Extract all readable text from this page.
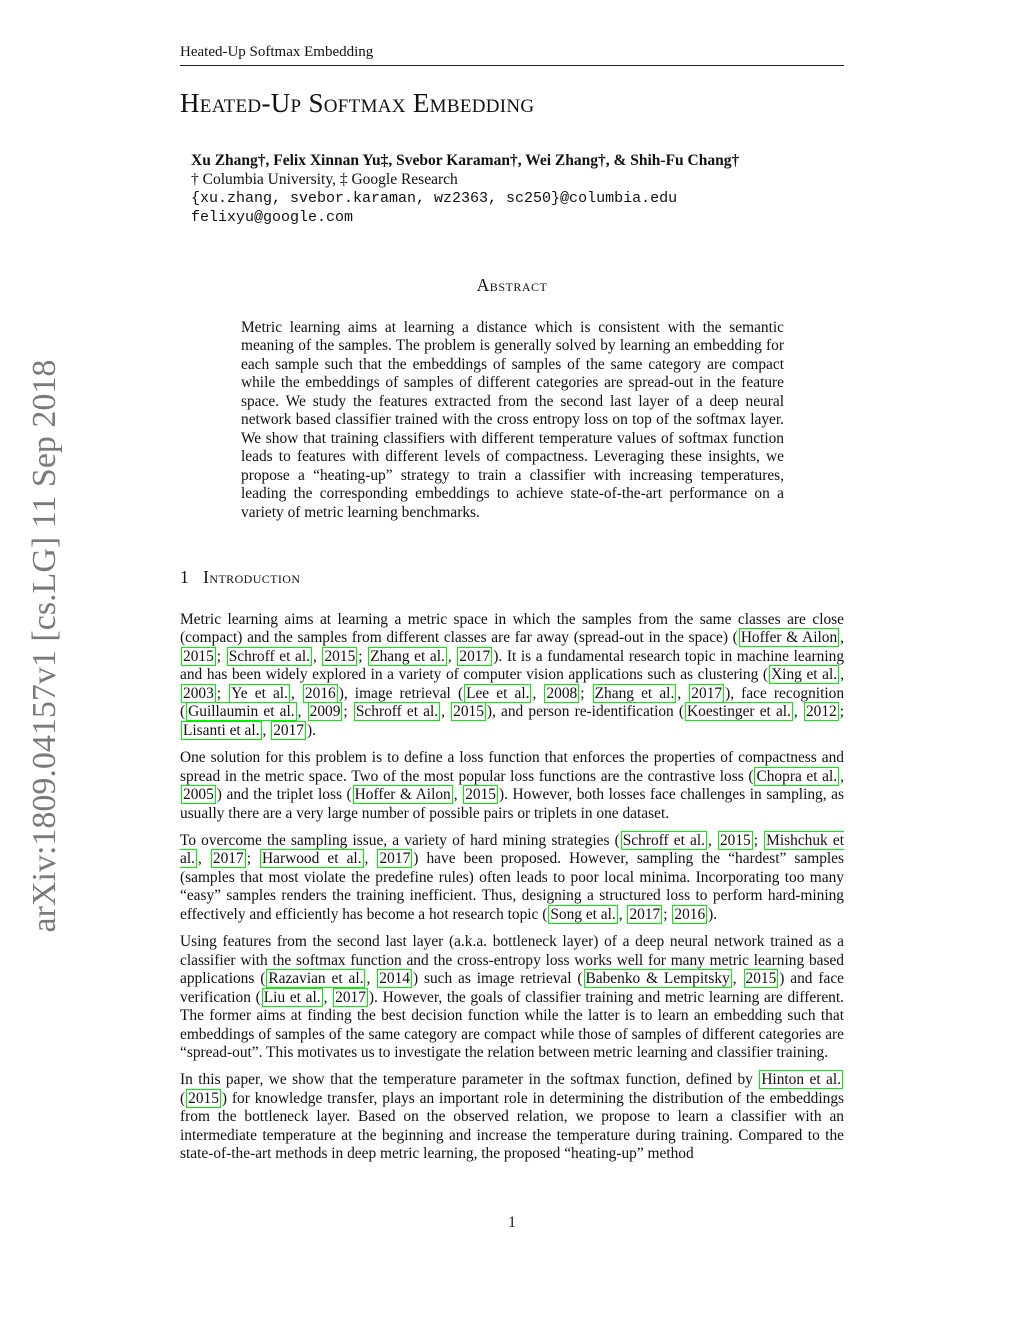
Heated-Up Softmax Embedding
Heated-Up Softmax Embedding
Xu Zhang†, Felix Xinnan Yu‡, Svebor Karaman†, Wei Zhang†, & Shih-Fu Chang†
† Columbia University, ‡ Google Research
{xu.zhang, svebor.karaman, wz2363, sc250}@columbia.edu
felixyu@google.com
Abstract
Metric learning aims at learning a distance which is consistent with the semantic meaning of the samples. The problem is generally solved by learning an embedding for each sample such that the embeddings of samples of the same category are compact while the embeddings of samples of different categories are spread-out in the feature space. We study the features extracted from the second last layer of a deep neural network based classifier trained with the cross entropy loss on top of the softmax layer. We show that training classifiers with different temperature values of softmax function leads to features with different levels of compactness. Leveraging these insights, we propose a “heating-up” strategy to train a classifier with increasing temperatures, leading the corresponding embeddings to achieve state-of-the-art performance on a variety of metric learning benchmarks.
1 Introduction

Metric learning aims at learning a metric space in which the samples from the same classes are close (compact) and the samples from different classes are far away (spread-out in the space) ( Hoffer & Ailon , 2015 ; Schroff et al. , 2015 ; Zhang et al. , 2017 ). It is a fundamental research topic in machine learning and has been widely explored in a variety of computer vision applications such as clustering ( Xing et al. , 2003 ; Ye et al. , 2016 ), image retrieval ( Lee et al. , 2008 ; Zhang et al. , 2017 ), face recognition ( Guillaumin et al. , 2009 ; Schroff et al. , 2015 ), and person re-identification ( Koestinger et al. , 2012 ; Lisanti et al. , 2017 ).

One solution for this problem is to define a loss function that enforces the properties of compactness and spread in the metric space. Two of the most popular loss functions are the contrastive loss ( Chopra et al. , 2005 ) and the triplet loss ( Hoffer & Ailon , 2015 ). However, both losses face challenges in sampling, as usually there are a very large number of possible pairs or triplets in one dataset.

To overcome the sampling issue, a variety of hard mining strategies ( Schroff et al. , 2015 ; Mishchuk et al. , 2017 ; Harwood et al. , 2017 ) have been proposed. However, sampling the “hardest” samples (samples that most violate the predefine rules) often leads to poor local minima. Incorporating too many “easy” samples renders the training inefficient. Thus, designing a structured loss to perform hard-mining effectively and efficiently has become a hot research topic ( Song et al. , 2017 ; 2016 ).

Using features from the second last layer (a.k.a. bottleneck layer) of a deep neural network trained as a classifier with the softmax function and the cross-entropy loss works well for many metric learning based applications ( Razavian et al. , 2014 ) such as image retrieval ( Babenko & Lempitsky , 2015 ) and face verification ( Liu et al. , 2017 ). However, the goals of classifier training and metric learning are different. The former aims at finding the best decision function while the latter is to learn an embedding such that embeddings of samples of the same category are compact while those of samples of different categories are “spread-out”. This motivates us to investigate the relation between metric learning and classifier training.

In this paper, we show that the temperature parameter in the softmax function, defined by Hinton et al. ( 2015 ) for knowledge transfer, plays an important role in determining the distribution of the embeddings from the bottleneck layer. Based on the observed relation, we propose to learn a classifier with an intermediate temperature at the beginning and increase the temperature during training. Compared to the state-of-the-art methods in deep metric learning, the proposed “heating-up” method

arXiv:1809.04157v1 [cs.LG] 11 Sep 2018
1
